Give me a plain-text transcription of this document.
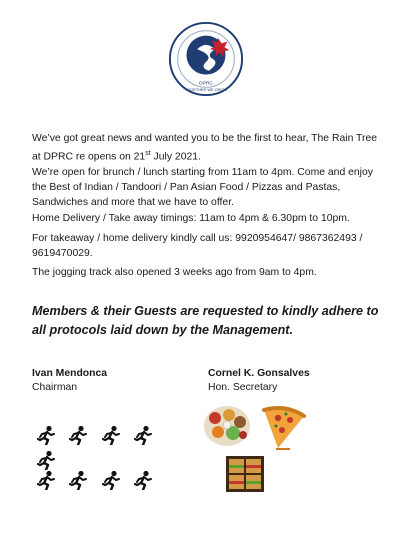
DPRC
TOGETHER WE GROW

We’ve got great news and wanted you to be the first to hear, The Rain Tree at DPRC re opens on 21st July 2021.

We’re open for brunch / lunch starting from 11am to 4pm. Come and enjoy the Best of Indian / Tandoori / Pan Asian Food / Pizzas and Pastas, Sandwiches and more that we have to offer.

Home Delivery / Take away timings: 11am to 4pm & 6.30pm to 10pm.

For takeaway / home delivery kindly call us: 9920954647/ 9867362493 / 9619470029.

The jogging track also opened 3 weeks ago from 9am to 4pm.

Members & their Guests are requested to kindly adhere to all protocols laid down by the Management.

Ivan Mendonca
Chairman
Cornel K. Gonsalves
Hon. Secretary
